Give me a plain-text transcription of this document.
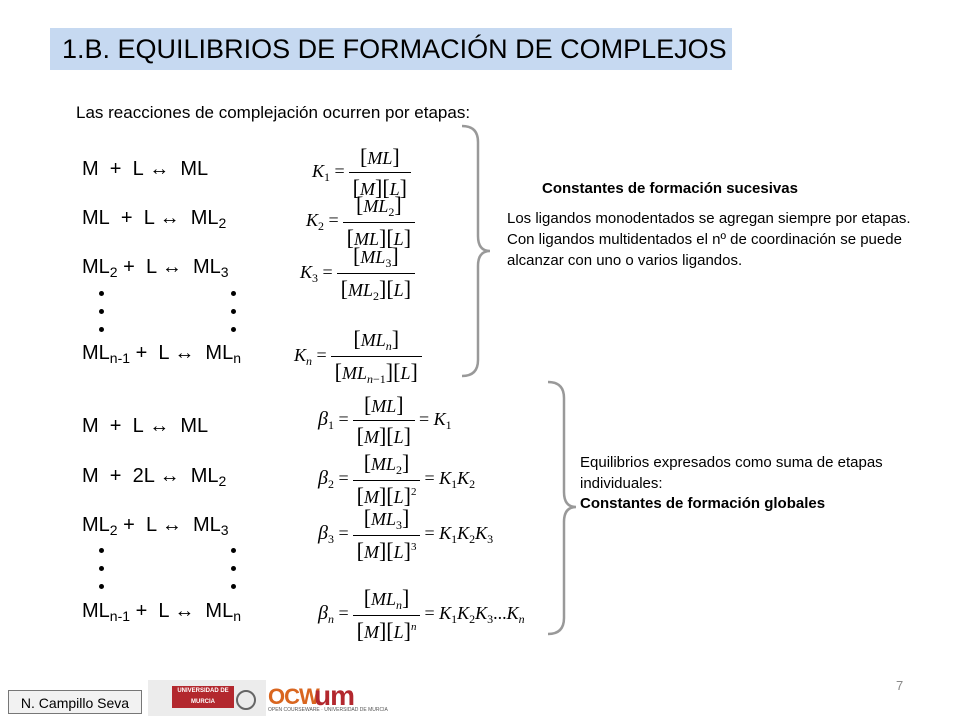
1.B. EQUILIBRIOS DE FORMACIÓN DE COMPLEJOS
Las reacciones de complejación ocurren por etapas:
M  +  L ↔  ML
ML  +  L ↔  $ML_2$
$ML_2 + L$ ↔  $ML_3$
$ML_{n-1} + L$ ↔  $ML_n$
$K_1 = \frac{[ML]}{[M][L]}$
$K_2 = \frac{[ML_2]}{[ML][L]}$
$K_3 = \frac{[ML_3]}{[ML_2][L]}$
$K_n = \frac{[ML_n]}{[ML_{n-1}][L]}$
Constantes de formación sucesivas
Los ligandos monodentados se agregan siempre por etapas. Con ligandos multidentados el nº de coordinación se puede alcanzar con uno o varios ligandos.
M  +  L ↔  ML
M  +  2L ↔  $ML_2$
$ML_2 + L$ ↔  $ML_3$
$ML_{n-1} + L$ ↔  $ML_n$
$\beta_1 = \frac{[ML]}{[M][L]} = K_1$
$\beta_2 = \frac{[ML_2]}{[M][L]^2} = K_1K_2$
$\beta_3 = \frac{[ML_3]}{[M][L]^3} = K_1K_2K_3$
$\beta_n = \frac{[ML_n]}{[M][L]^n} = K_1K_2K_3...K_n$
Equilibrios expresados como suma de etapas individuales:
Constantes de formación globales
N. Campillo Seva
UNIVERSIDAD DE MURCIA	OCW
OPEN COURSEWARE · UNIVERSIDAD DE MURCIA
um	7
